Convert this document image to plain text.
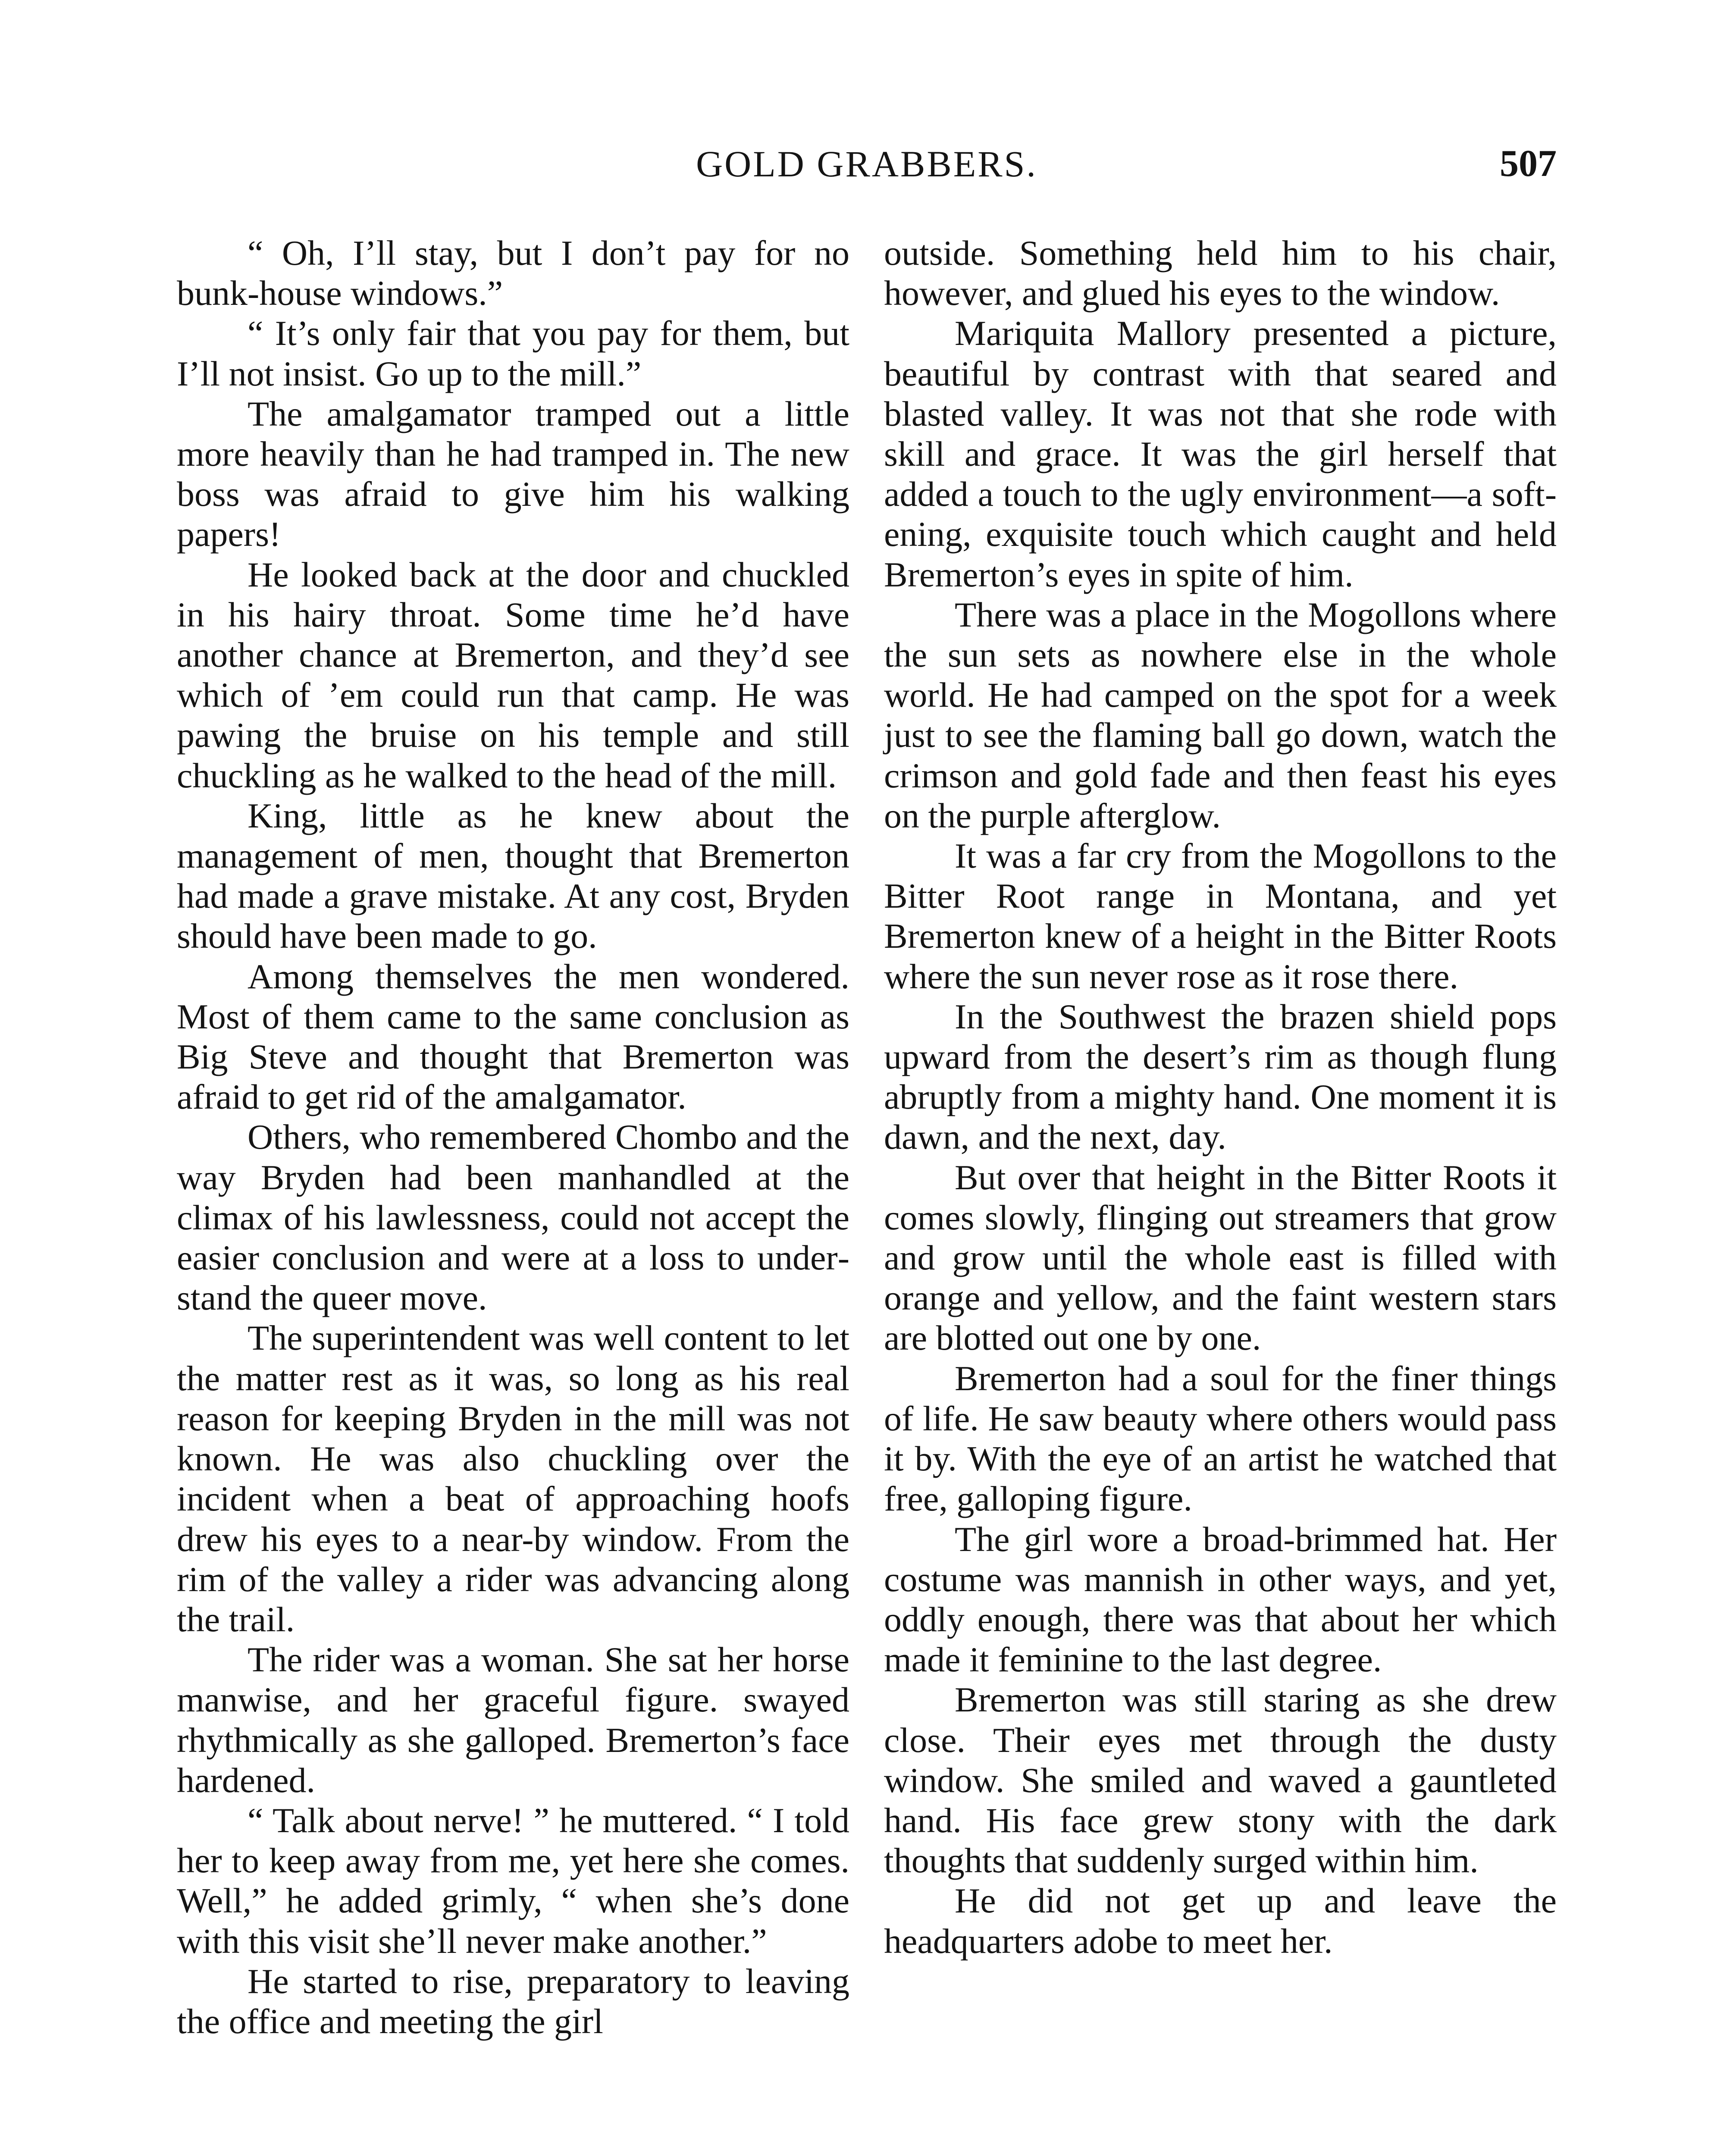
GOLD GRABBERS.	507

“ Oh, I’ll stay, but I don’t pay for no bunk-house windows.”

“ It’s only fair that you pay for them, but I’ll not insist. Go up to the mill.”

The amalgamator tramped out a little more heavily than he had tramped in. The new boss was afraid to give him his walking papers!

He looked back at the door and chuckled in his hairy throat. Some time he’d have another chance at Bremerton, and they’d see which of ’em could run that camp. He was pawing the bruise on his temple and still chuckling as he walked to the head of the mill.

King, little as he knew about the management of men, thought that Bremerton had made a grave mistake. At any cost, Bryden should have been made to go.

Among themselves the men wondered. Most of them came to the same conclusion as Big Steve and thought that Bremerton was afraid to get rid of the amalgamator.

Others, who remembered Chombo and the way Bryden had been manhandled at the climax of his lawlessness, could not accept the easier conclusion and were at a loss to understand the queer move.

The superintendent was well content to let the matter rest as it was, so long as his real reason for keeping Bryden in the mill was not known. He was also chuckling over the incident when a beat of approaching hoofs drew his eyes to a near-by window. From the rim of the valley a rider was advancing along the trail.

The rider was a woman. She sat her horse manwise, and her graceful figure. swayed rhythmically as she galloped. Bremerton’s face hardened.

“ Talk about nerve! ” he muttered. “ I told her to keep away from me, yet here she comes. Well,” he added grimly, “ when she’s done with this visit she’ll never make another.”

He started to rise, preparatory to leaving the office and meeting the girl

outside. Something held him to his chair, however, and glued his eyes to the window.

Mariquita Mallory presented a picture, beautiful by contrast with that seared and blasted valley. It was not that she rode with skill and grace. It was the girl herself that added a touch to the ugly environment—a softening, exquisite touch which caught and held Bremerton’s eyes in spite of him.

There was a place in the Mogollons where the sun sets as nowhere else in the whole world. He had camped on the spot for a week just to see the flaming ball go down, watch the crimson and gold fade and then feast his eyes on the purple afterglow.

It was a far cry from the Mogollons to the Bitter Root range in Montana, and yet Bremerton knew of a height in the Bitter Roots where the sun never rose as it rose there.

In the Southwest the brazen shield pops upward from the desert’s rim as though flung abruptly from a mighty hand. One moment it is dawn, and the next, day.

But over that height in the Bitter Roots it comes slowly, flinging out streamers that grow and grow until the whole east is filled with orange and yellow, and the faint western stars are blotted out one by one.

Bremerton had a soul for the finer things of life. He saw beauty where others would pass it by. With the eye of an artist he watched that free, galloping figure.

The girl wore a broad-brimmed hat. Her costume was mannish in other ways, and yet, oddly enough, there was that about her which made it feminine to the last degree.

Bremerton was still staring as she drew close. Their eyes met through the dusty window. She smiled and waved a gauntleted hand. His face grew stony with the dark thoughts that suddenly surged within him.

He did not get up and leave the headquarters adobe to meet her.
